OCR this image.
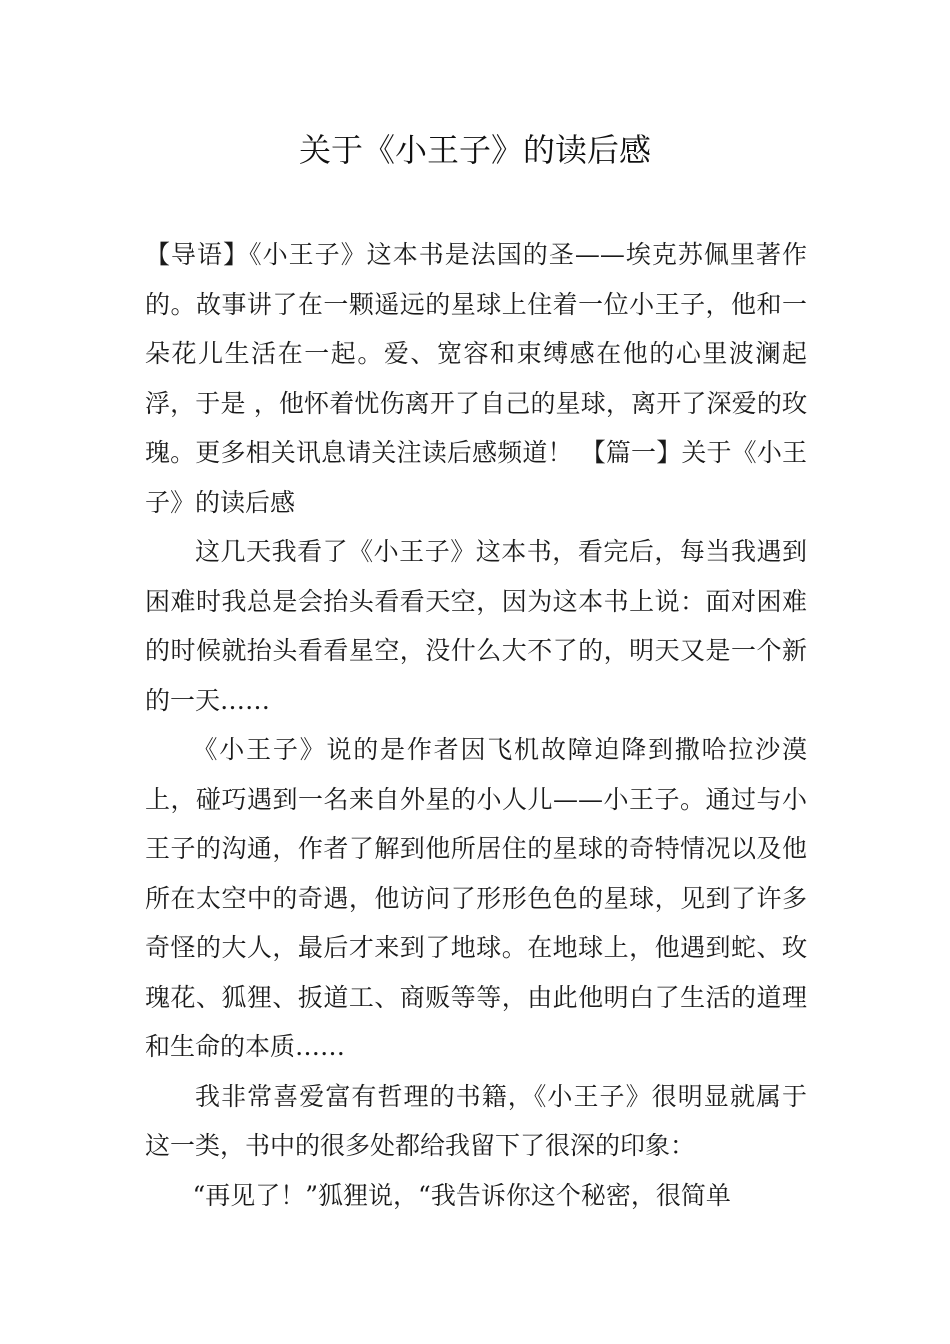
关于《小王子》的读后感

【导语】《小王子》这本书是法国的圣——埃克苏佩里著作的。故事讲了在一颗遥远的星球上住着一位小王子，他和一朵花儿生活在一起。爱、宽容和束缚感在他的心里波澜起浮，于是 ，他怀着忧伤离开了自己的星球，离开了深爱的玫瑰。更多相关讯息请关注读后感频道！ 【篇一】关于《小王子》的读后感

这几天我看了《小王子》这本书，看完后，每当我遇到困难时我总是会抬头看看天空，因为这本书上说：面对困难的时候就抬头看看星空，没什么大不了的，明天又是一个新的一天……

《小王子》说的是作者因飞机故障迫降到撒哈拉沙漠上，碰巧遇到一名来自外星的小人儿——小王子。通过与小王子的沟通，作者了解到他所居住的星球的奇特情况以及他所在太空中的奇遇，他访问了形形色色的星球，见到了许多奇怪的大人，最后才来到了地球。在地球上，他遇到蛇、玫瑰花、狐狸、扳道工、商贩等等，由此他明白了生活的道理和生命的本质……

我非常喜爱富有哲理的书籍，《小王子》很明显就属于这一类，书中的很多处都给我留下了很深的印象：

“再见了！”狐狸说，“我告诉你这个秘密，很简单
